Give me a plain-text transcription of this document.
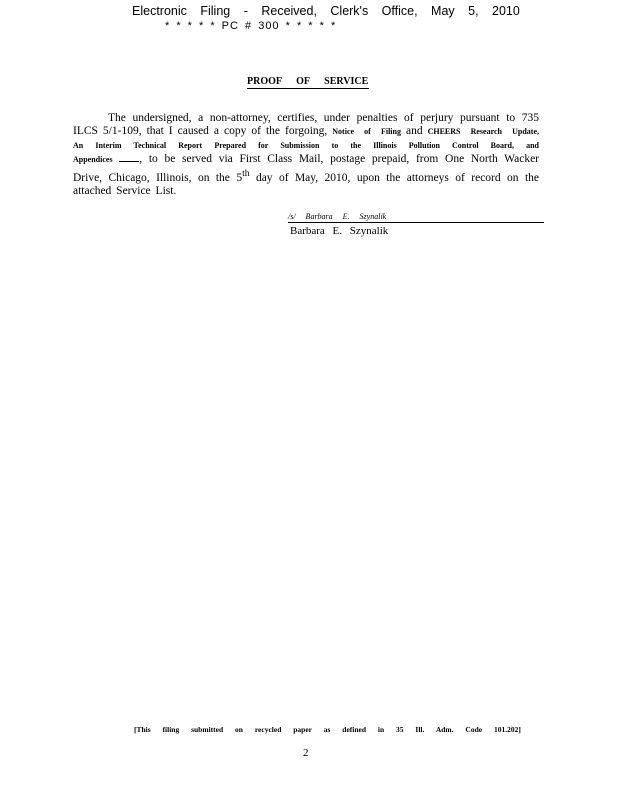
Electronic Filing - Received, Clerk's Office, May 5, 2010
* * * * * PC # 300 * * * * *
PROOF OF SERVICE

The undersigned, a non-attorney, certifies, under penalties of perjury pursuant to 735 ILCS 5/1-109, that I caused a copy of the forgoing, Notice of Filing and CHEERS Research Update, An Interim Technical Report Prepared for Submission to the Illinois Pollution Control Board, and Appendices , to be served via First Class Mail, postage prepaid, from One North Wacker Drive, Chicago, Illinois, on the 5th day of May, 2010, upon the attorneys of record on the attached Service List.

/s/ Barbara E. Szynalik
Barbara E. Szynalik
[This filing submitted on recycled paper as defined in 35 Ill. Adm. Code 101.202]
2
